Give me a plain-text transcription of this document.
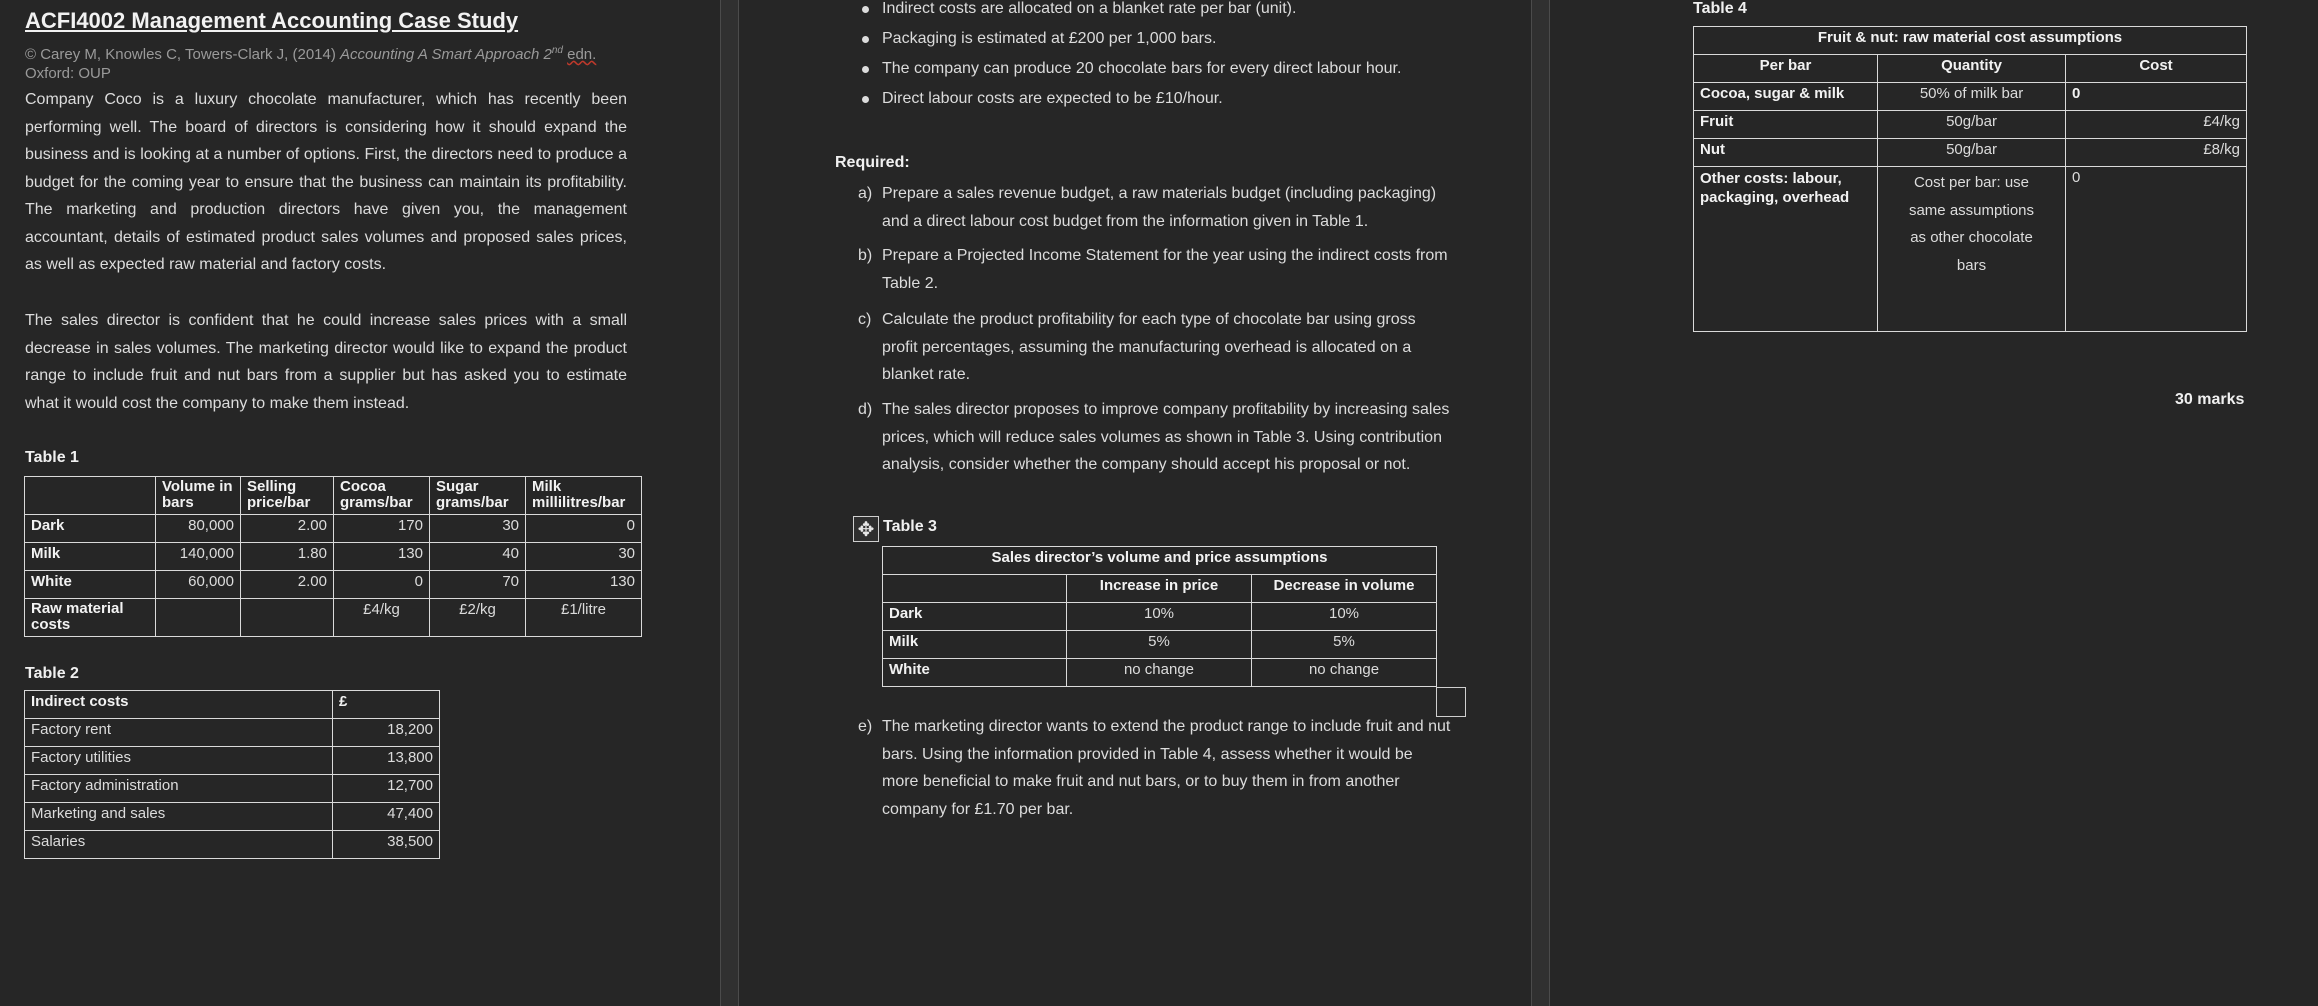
ACFI4002 Management Accounting Case Study
© Carey M, Knowles C, Towers-Clark J, (2014) Accounting A Smart Approach 2nd edn.
Oxford: OUP
Company Coco is a luxury chocolate manufacturer, which has recently been performing well. The board of directors is considering how it should expand the business and is looking at a number of options. First, the directors need to produce a budget for the coming year to ensure that the business can maintain its profitability. The marketing and production directors have given you, the management accountant, details of estimated product sales volumes and proposed sales prices, as well as expected raw material and factory costs.
The sales director is confident that he could increase sales prices with a small decrease in sales volumes. The marketing director would like to expand the product range to include fruit and nut bars from a supplier but has asked you to estimate what it would cost the company to make them instead.
Table 1
	Volume in bars	Selling price/bar	Cocoa grams/bar	Sugar grams/bar	Milk millilitres/bar
Dark	80,000	2.00	170	30	0
Milk	140,000	1.80	130	40	30
White	60,000	2.00	0	70	130
Raw material costs			£4/kg	£2/kg	£1/litre
Table 2
Indirect costs	£
Factory rent	18,200
Factory utilities	13,800
Factory administration	12,700
Marketing and sales	47,400
Salaries	38,500
Indirect costs are allocated on a blanket rate per bar (unit).
Packaging is estimated at £200 per 1,000 bars.
The company can produce 20 chocolate bars for every direct labour hour.
Direct labour costs are expected to be £10/hour.
Required:
a) Prepare a sales revenue budget, a raw materials budget (including packaging) and a direct labour cost budget from the information given in Table 1.
b) Prepare a Projected Income Statement for the year using the indirect costs from Table 2.
c) Calculate the product profitability for each type of chocolate bar using gross profit percentages, assuming the manufacturing overhead is allocated on a blanket rate.
d) The sales director proposes to improve company profitability by increasing sales prices, which will reduce sales volumes as shown in Table 3. Using contribution analysis, consider whether the company should accept his proposal or not.
✥ Table 3
Sales director’s volume and price assumptions		
	Increase in price	Decrease in volume
Dark	10%	10%
Milk	5%	5%
White	no change	no change
e) The marketing director wants to extend the product range to include fruit and nut bars. Using the information provided in Table 4, assess whether it would be more beneficial to make fruit and nut bars, or to buy them in from another company for £1.70 per bar.
Table 4
Fruit & nut: raw material cost assumptions		
Per bar	Quantity	Cost
Cocoa, sugar & milk	50% of milk bar	0
Fruit	50g/bar	£4/kg
Nut	50g/bar	£8/kg
Other costs: labour, packaging, overhead	Cost per bar: use same assumptions as other chocolate bars	0
30 marks
